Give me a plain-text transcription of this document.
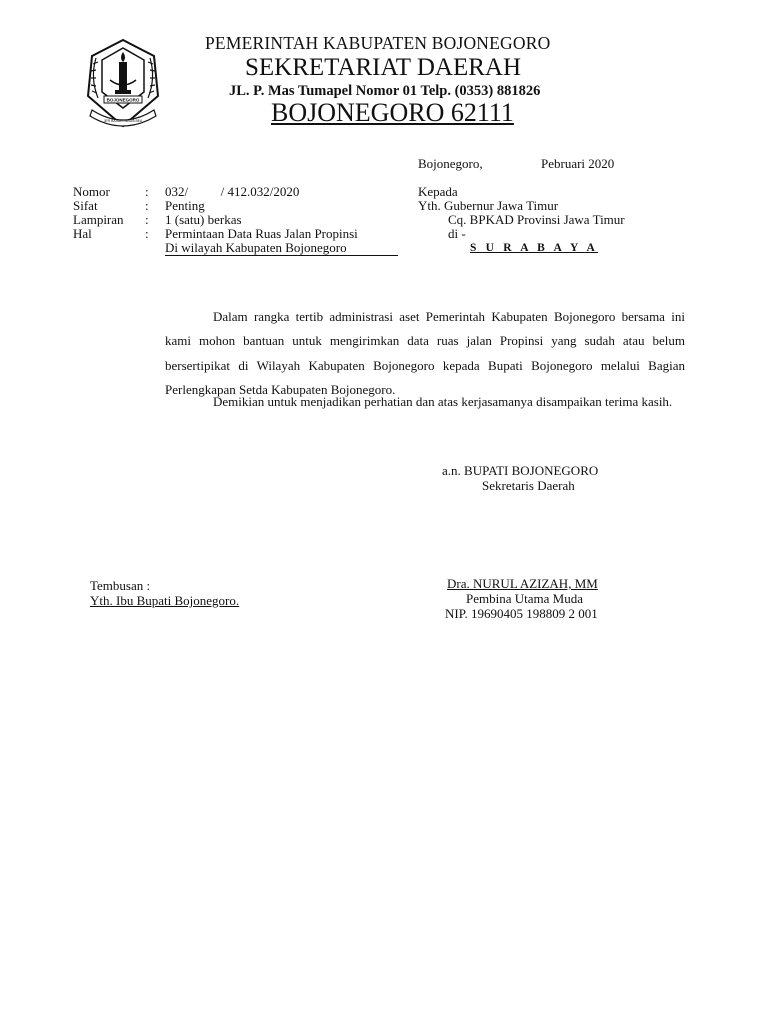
BOJONEGORO
JER BASUKI MAWA BEA
PEMERINTAH KABUPATEN BOJONEGORO
SEKRETARIAT DAERAH
JL. P. Mas Tumapel Nomor 01 Telp. (0353) 881826
BOJONEGORO 62111
Bojonegoro,	Pebruari 2020
Nomor	: 032/          / 412.032/2020
Sifat	: Penting
Lampiran : 1 (satu) berkas
Hal	: Permintaan Data Ruas Jalan Propinsi
Di wilayah Kabupaten Bojonegoro
Kepada
Yth. Gubernur Jawa Timur
Cq. BPKAD Provinsi Jawa Timur
di -
S U R A B A Y A
Dalam rangka tertib administrasi aset Pemerintah Kabupaten Bojonegoro bersama ini kami mohon bantuan untuk mengirimkan data ruas jalan Propinsi yang sudah atau belum bersertipikat di Wilayah Kabupaten Bojonegoro kepada Bupati Bojonegoro melalui Bagian Perlengkapan Setda Kabupaten Bojonegoro.
Demikian untuk menjadikan perhatian dan atas kerjasamanya disampaikan terima kasih.
a.n. BUPATI BOJONEGORO
Sekretaris Daerah
Dra. NURUL AZIZAH, MM
Pembina Utama Muda
NIP. 19690405 198809 2 001
Tembusan :
Yth. Ibu Bupati Bojonegoro.
